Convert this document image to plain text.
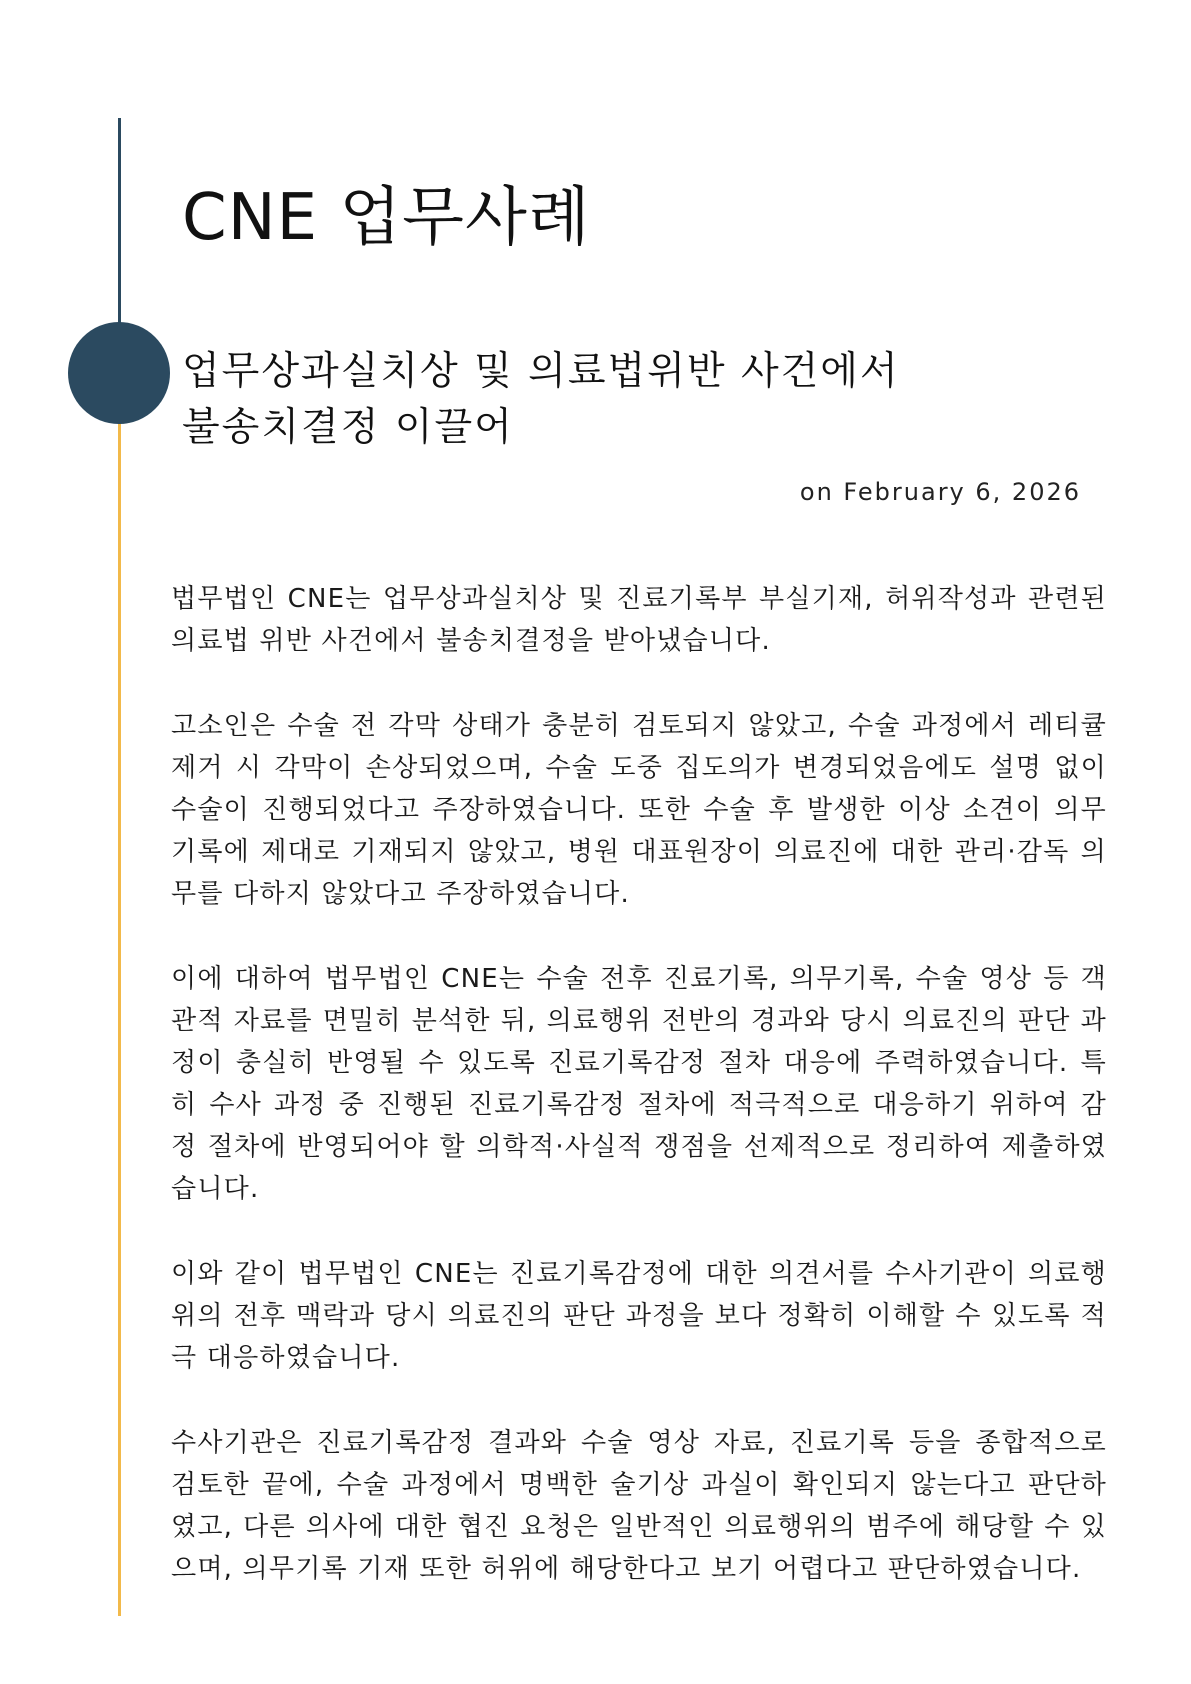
CNE 업무사례
업무상과실치상 및 의료법위반 사건에서
불송치결정 이끌어
on February 6, 2026

법무법인 CNE는 업무상과실치상 및 진료기록부 부실기재, 허위작성과 관련된 의료법 위반 사건에서 불송치결정을 받아냈습니다.

고소인은 수술 전 각막 상태가 충분히 검토되지 않았고, 수술 과정에서 레티큘 제거 시 각막이 손상되었으며, 수술 도중 집도의가 변경되었음에도 설명 없이 수술이 진행되었다고 주장하였습니다. 또한 수술 후 발생한 이상 소견이 의무기록에 제대로 기재되지 않았고, 병원 대표원장이 의료진에 대한 관리·감독 의무를 다하지 않았다고 주장하였습니다.

이에 대하여 법무법인 CNE는 수술 전후 진료기록, 의무기록, 수술 영상 등 객관적 자료를 면밀히 분석한 뒤, 의료행위 전반의 경과와 당시 의료진의 판단 과정이 충실히 반영될 수 있도록 진료기록감정 절차 대응에 주력하였습니다. 특히 수사 과정 중 진행된 진료기록감정 절차에 적극적으로 대응하기 위하여 감정 절차에 반영되어야 할 의학적·사실적 쟁점을 선제적으로 정리하여 제출하였습니다.

이와 같이 법무법인 CNE는 진료기록감정에 대한 의견서를 수사기관이 의료행위의 전후 맥락과 당시 의료진의 판단 과정을 보다 정확히 이해할 수 있도록 적극 대응하였습니다.

수사기관은 진료기록감정 결과와 수술 영상 자료, 진료기록 등을 종합적으로 검토한 끝에, 수술 과정에서 명백한 술기상 과실이 확인되지 않는다고 판단하였고, 다른 의사에 대한 협진 요청은 일반적인 의료행위의 범주에 해당할 수 있으며, 의무기록 기재 또한 허위에 해당한다고 보기 어렵다고 판단하였습니다.
